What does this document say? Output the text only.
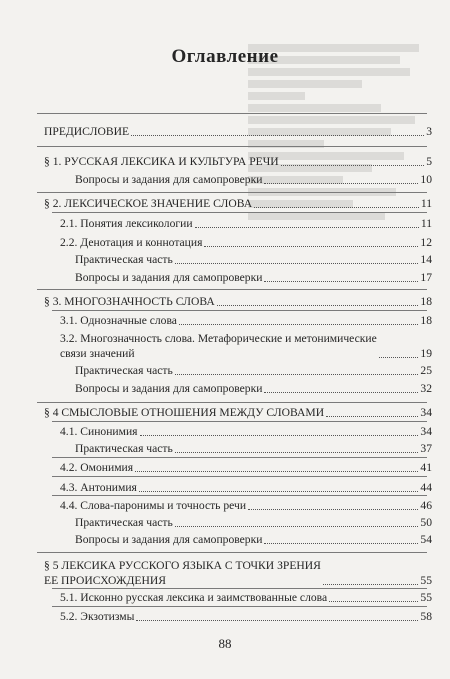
Оглавление
ПРЕДИСЛОВИЕ	3
§ 1. РУССКАЯ ЛЕКСИКА И КУЛЬТУРА РЕЧИ	5
Вопросы и задания для самопроверки	10
§ 2. ЛЕКСИЧЕСКОЕ ЗНАЧЕНИЕ СЛОВА	11
2.1. Понятия лексикологии	11
2.2. Денотация и коннотация	12
Практическая часть	14
Вопросы и задания для самопроверки	17
§ 3. МНОГОЗНАЧНОСТЬ СЛОВА	18
3.1. Однозначные слова	18
3.2. Многозначность слова. Метафорические и метонимические
связи значений	19
Практическая часть	25
Вопросы и задания для самопроверки	32
§ 4 СМЫСЛОВЫЕ ОТНОШЕНИЯ МЕЖДУ СЛОВАМИ	34
4.1. Синонимия	34
Практическая часть	37
4.2. Омонимия	41
4.3. Антонимия	44
4.4. Слова-паронимы и точность речи	46
Практическая часть	50
Вопросы и задания для самопроверки	54
§ 5 ЛЕКСИКА РУССКОГО ЯЗЫКА С ТОЧКИ ЗРЕНИЯ
ЕЕ ПРОИСХОЖДЕНИЯ	55
5.1. Исконно русская лексика и заимствованные слова	55
5.2. Экзотизмы	58
88
